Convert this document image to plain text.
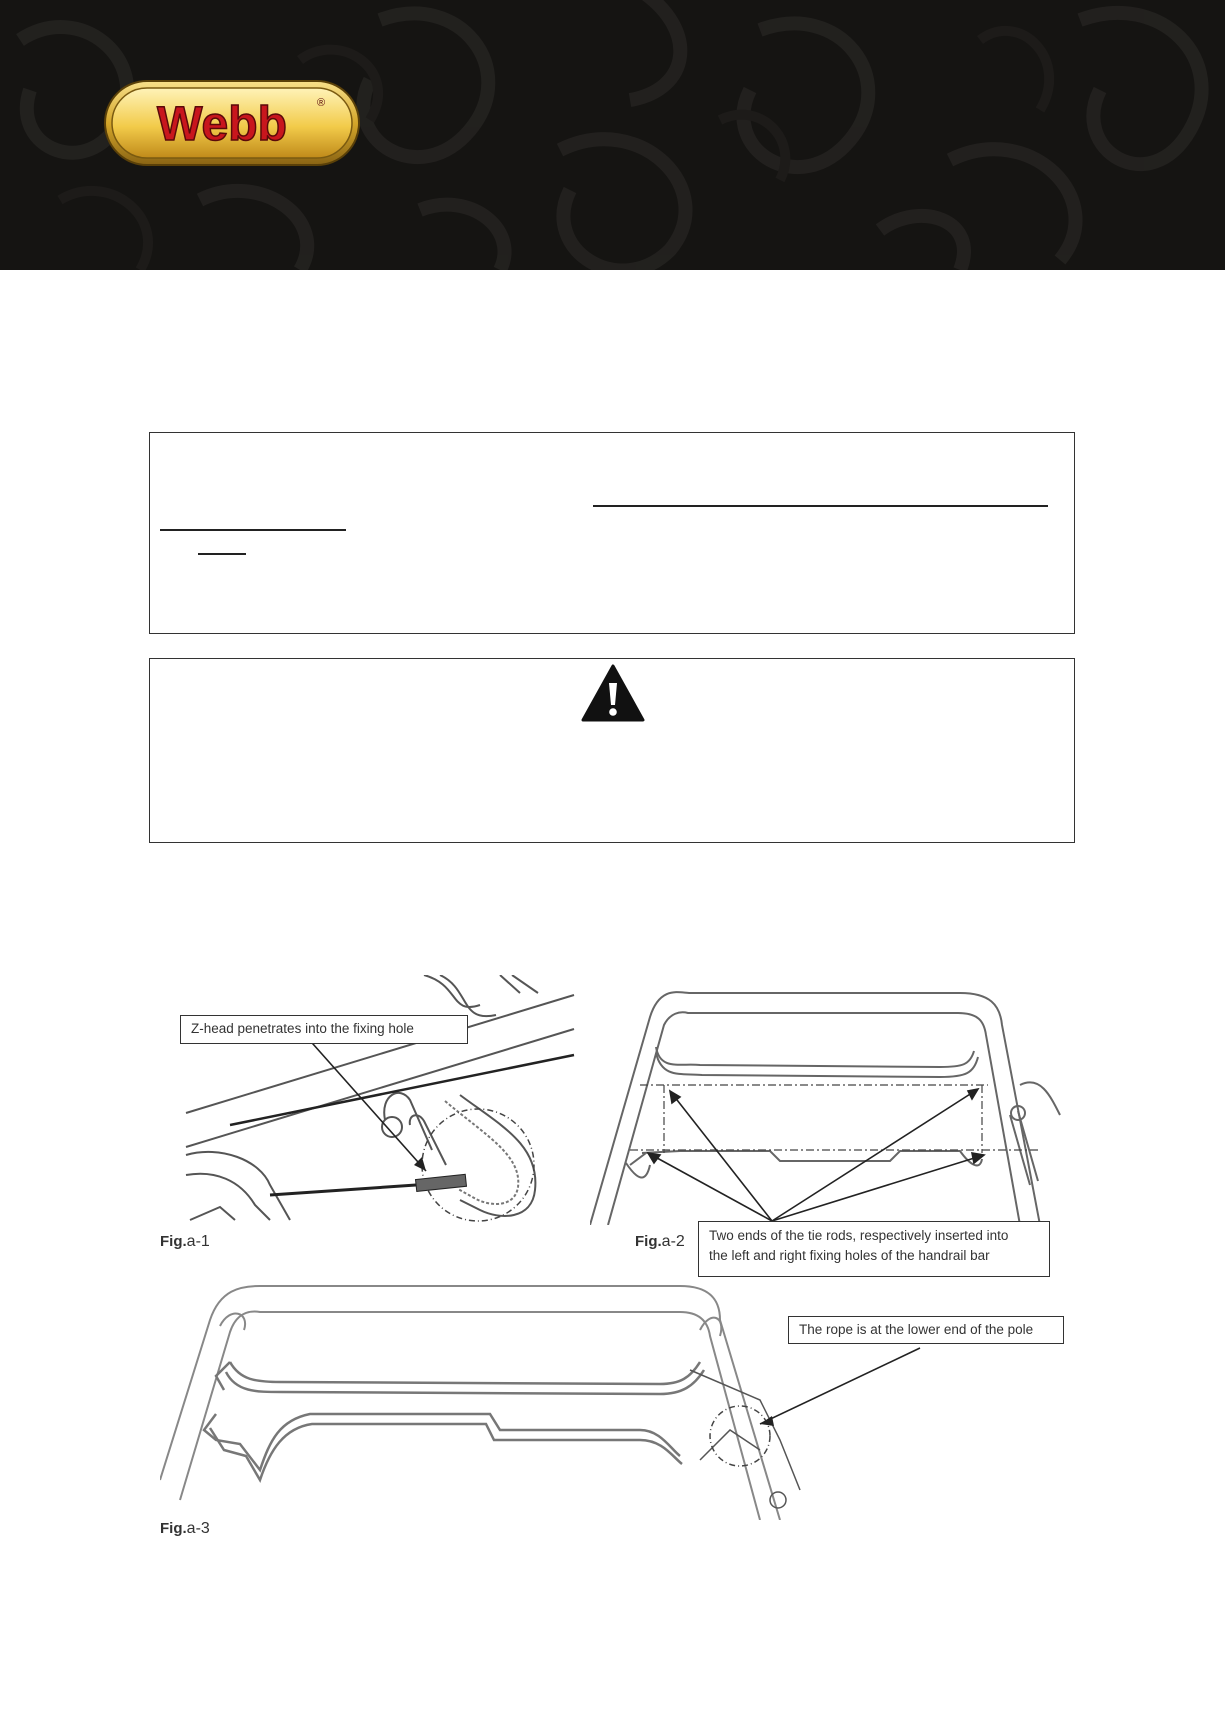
Webb	®
Z-head penetrates into the fixing hole
Fig.a-1	Two ends of the tie rods, respectively inserted into
the left and right fixing holes of the handrail bar
Fig.a-2
The rope is at the lower end of the pole
Fig.a-3
